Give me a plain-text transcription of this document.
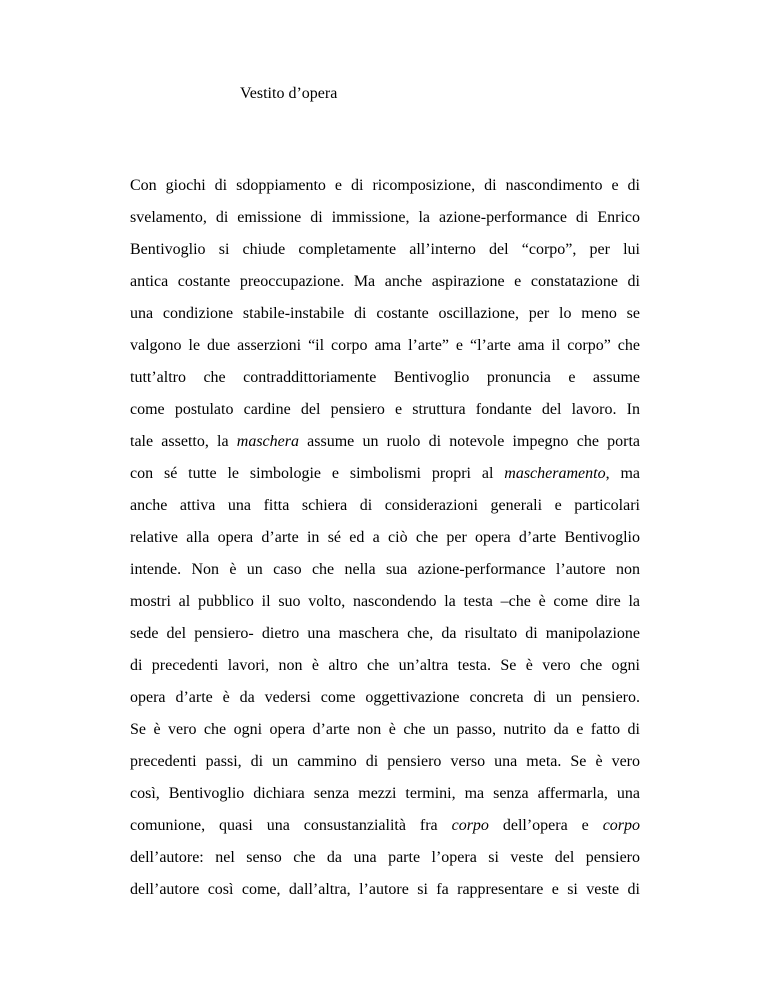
Vestito d’opera
Con giochi di sdoppiamento e di ricomposizione, di nascondimento e di
svelamento, di emissione di immissione, la azione-performance di Enrico
Bentivoglio si chiude completamente all’interno del “corpo”, per lui
antica costante preoccupazione. Ma anche aspirazione e constatazione di
una condizione stabile-instabile di costante oscillazione, per lo meno se
valgono le due asserzioni “il corpo ama l’arte” e “l’arte ama il corpo” che
tutt’altro che contraddittoriamente Bentivoglio pronuncia e assume
come postulato cardine del pensiero e struttura fondante del lavoro. In
tale assetto, la maschera assume un ruolo di notevole impegno che porta
con sé tutte le simbologie e simbolismi propri al mascheramento, ma
anche attiva una fitta schiera di considerazioni generali e particolari
relative alla opera d’arte in sé ed a ciò che per opera d’arte Bentivoglio
intende. Non è un caso che nella sua azione-performance l’autore non
mostri al pubblico il suo volto, nascondendo la testa –che è come dire la
sede del pensiero- dietro una maschera che, da risultato di manipolazione
di precedenti lavori, non è altro che un’altra testa. Se è vero che ogni
opera d’arte è da vedersi come oggettivazione concreta di un pensiero.
Se è vero che ogni opera d’arte non è che un passo, nutrito da e fatto di
precedenti passi, di un cammino di pensiero verso una meta. Se è vero
così, Bentivoglio dichiara senza mezzi termini, ma senza affermarla, una
comunione, quasi una consustanzialità fra corpo dell’opera e corpo
dell’autore: nel senso che da una parte l’opera si veste del pensiero
dell’autore così come, dall’altra, l’autore si fa rappresentare e si veste di
